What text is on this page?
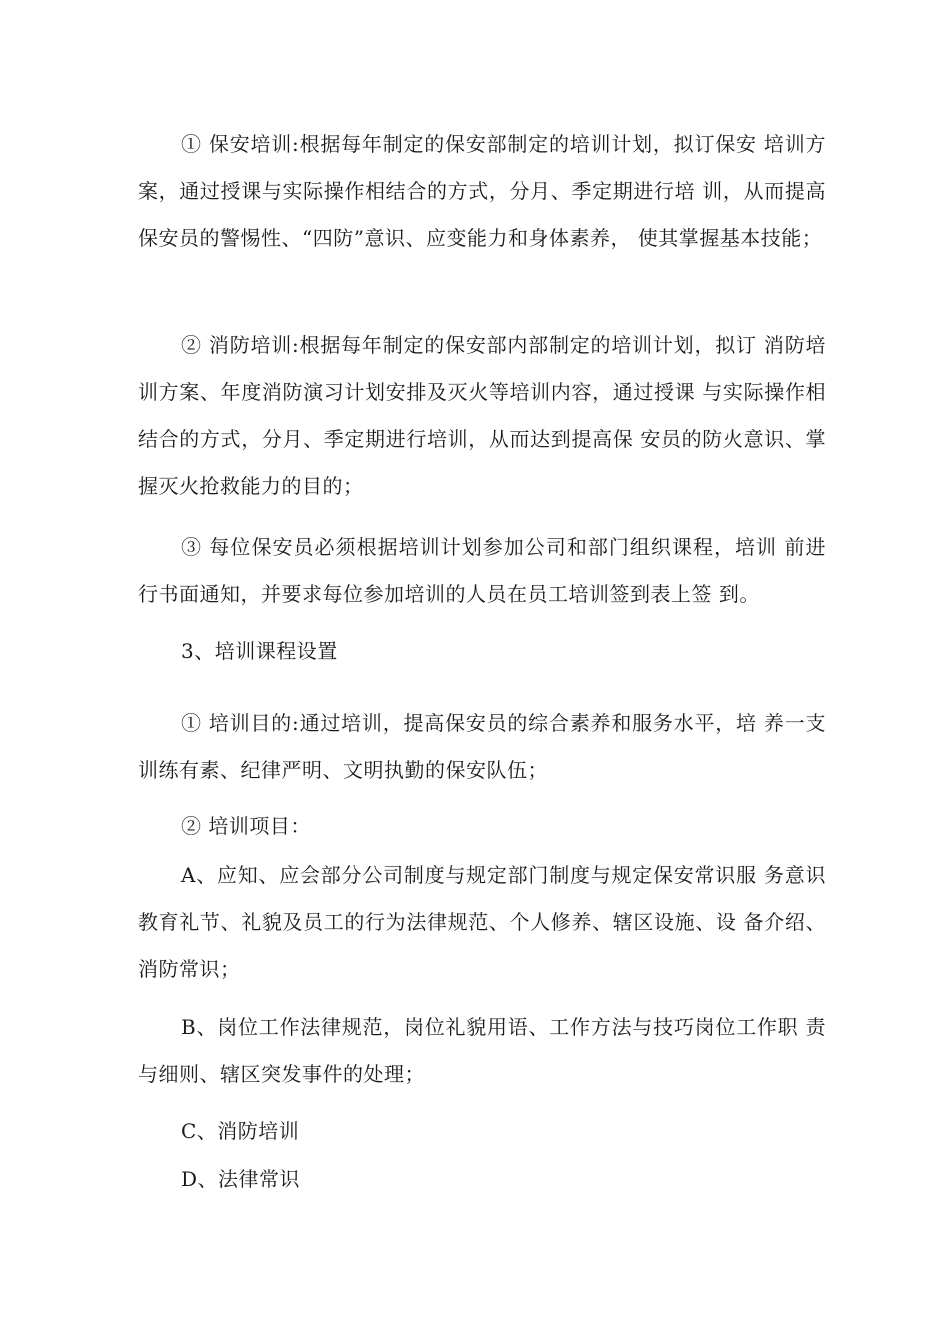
① 保安培训:根据每年制定的保安部制定的培训计划，拟订保安 培训方案，通过授课与实际操作相结合的方式，分月、季定期进行培 训，从而提高保安员的警惕性、“四防”意识、应变能力和身体素养， 使其掌握基本技能；

② 消防培训:根据每年制定的保安部内部制定的培训计划，拟订 消防培训方案、年度消防演习计划安排及灭火等培训内容，通过授课 与实际操作相结合的方式，分月、季定期进行培训，从而达到提高保 安员的防火意识、掌握灭火抢救能力的目的；

③ 每位保安员必须根据培训计划参加公司和部门组织课程，培训 前进行书面通知，并要求每位参加培训的人员在员工培训签到表上签 到。

3、培训课程设置

① 培训目的:通过培训，提高保安员的综合素养和服务水平，培 养一支训练有素、纪律严明、文明执勤的保安队伍；

② 培训项目：

A、应知、应会部分公司制度与规定部门制度与规定保安常识服 务意识教育礼节、礼貌及员工的行为法律规范、个人修养、辖区设施、设 备介绍、消防常识；

B、岗位工作法律规范，岗位礼貌用语、工作方法与技巧岗位工作职 责与细则、辖区突发事件的处理；

C、消防培训

D、法律常识
